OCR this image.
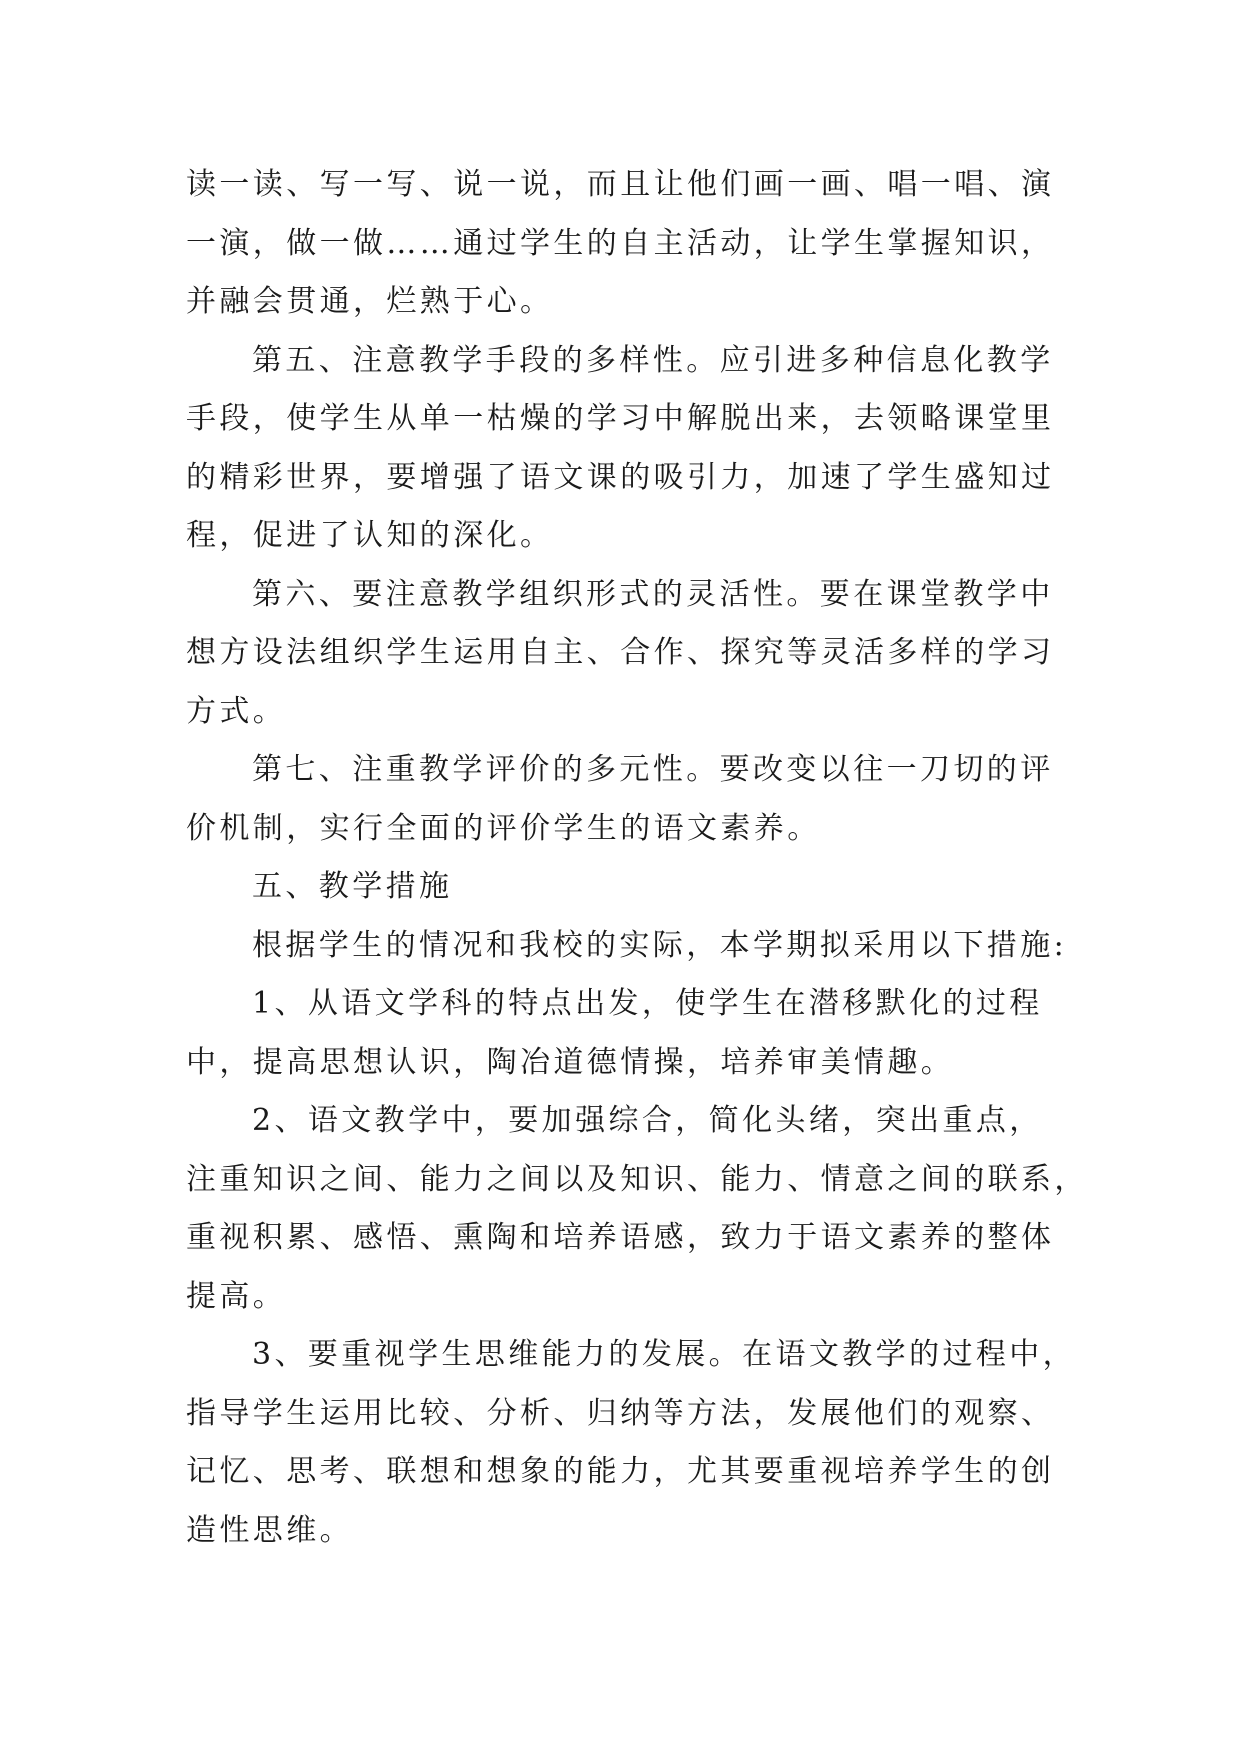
读一读、写一写、说一说，而且让他们画一画、唱一唱、演
一演，做一做……通过学生的自主活动，让学生掌握知识，
并融会贯通，烂熟于心。
第五、注意教学手段的多样性。应引进多种信息化教学
手段，使学生从单一枯燥的学习中解脱出来，去领略课堂里
的精彩世界，要增强了语文课的吸引力，加速了学生盛知过
程，促进了认知的深化。
第六、要注意教学组织形式的灵活性。要在课堂教学中
想方设法组织学生运用自主、合作、探究等灵活多样的学习
方式。
第七、注重教学评价的多元性。要改变以往一刀切的评
价机制，实行全面的评价学生的语文素养。
五、教学措施
根据学生的情况和我校的实际，本学期拟采用以下措施:
1、从语文学科的特点出发，使学生在潜移默化的过程
中，提高思想认识，陶冶道德情操，培养审美情趣。
2、语文教学中，要加强综合，简化头绪，突出重点，
注重知识之间、能力之间以及知识、能力、情意之间的联系，
重视积累、感悟、熏陶和培养语感，致力于语文素养的整体
提高。
3、要重视学生思维能力的发展。在语文教学的过程中，
指导学生运用比较、分析、归纳等方法，发展他们的观察、
记忆、思考、联想和想象的能力，尤其要重视培养学生的创
造性思维。
